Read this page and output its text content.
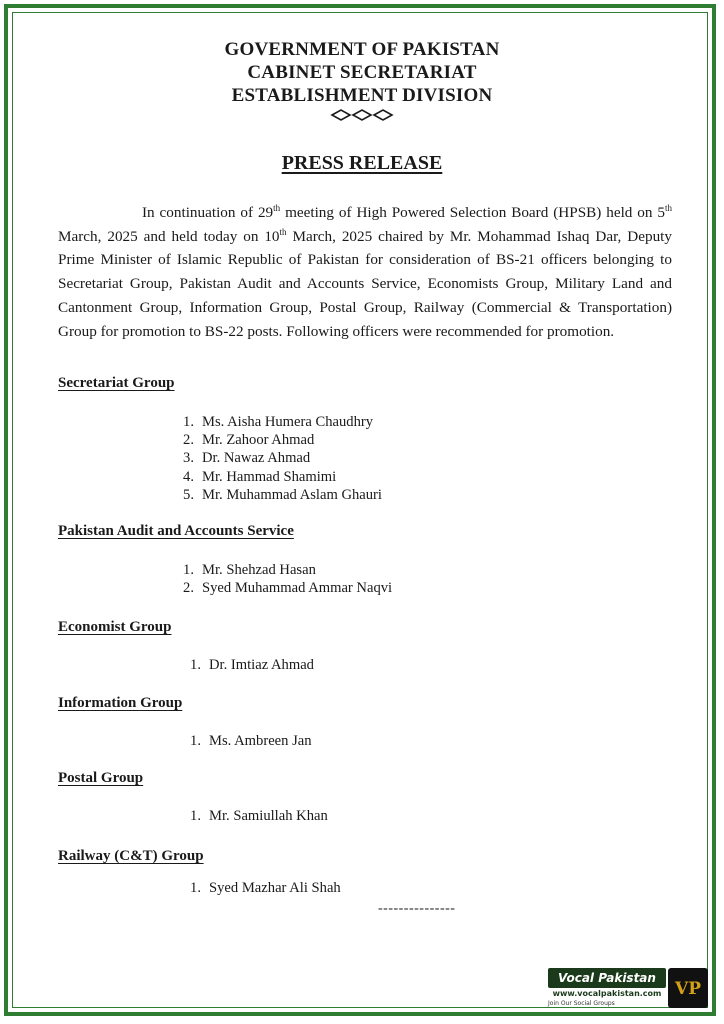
GOVERNMENT OF PAKISTAN
CABINET SECRETARIAT
ESTABLISHMENT DIVISION
PRESS RELEASE
In continuation of 29th meeting of High Powered Selection Board (HPSB) held on 5th March, 2025 and held today on 10th March, 2025 chaired by Mr. Mohammad Ishaq Dar, Deputy Prime Minister of Islamic Republic of Pakistan for consideration of BS-21 officers belonging to Secretariat Group, Pakistan Audit and Accounts Service, Economists Group, Military Land and Cantonment Group, Information Group, Postal Group, Railway (Commercial & Transportation) Group for promotion to BS-22 posts. Following officers were recommended for promotion.
Secretariat Group
1. Ms. Aisha Humera Chaudhry
2. Mr. Zahoor Ahmad
3. Dr. Nawaz Ahmad
4. Mr. Hammad Shamimi
5. Mr. Muhammad Aslam Ghauri
Pakistan Audit and Accounts Service
1. Mr. Shehzad Hasan
2. Syed Muhammad Ammar Naqvi
Economist Group
1. Dr. Imtiaz Ahmad
Information Group
1. Ms. Ambreen Jan
Postal Group
1. Mr. Samiullah Khan
Railway (C&T) Group
1. Syed Mazhar Ali Shah
---------------
Vocal Pakistan
www.vocalpakistan.com
Join Our Social Groups
VP
